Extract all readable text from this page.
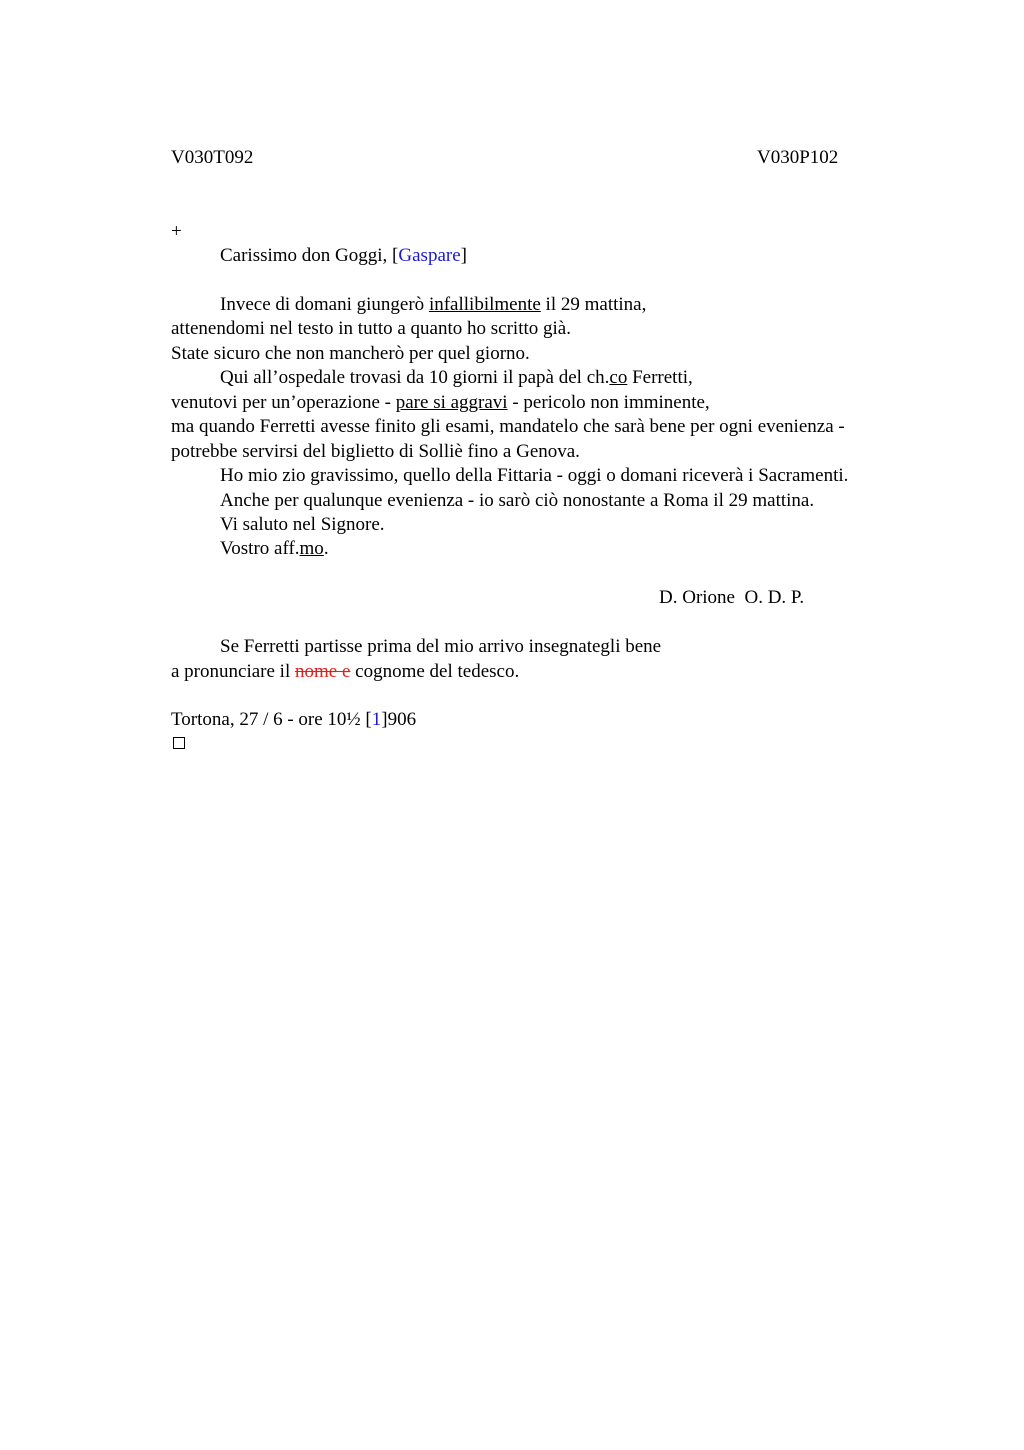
V030T092	V030P102
+
Carissimo don Goggi, [Gaspare]
Invece di domani giungerò infallibilmente il 29 mattina,
attenendomi nel testo in tutto a quanto ho scritto già.
State sicuro che non mancherò per quel giorno.
Qui all’ospedale trovasi da 10 giorni il papà del ch.co Ferretti,
venutovi per un’operazione - pare si aggravi - pericolo non imminente,
ma quando Ferretti avesse finito gli esami, mandatelo che sarà bene per ogni evenienza -
potrebbe servirsi del biglietto di Solliè fino a Genova.
Ho mio zio gravissimo, quello della Fittaria - oggi o domani riceverà i Sacramenti.
Anche per qualunque evenienza - io sarò ciò nonostante a Roma il 29 mattina.
Vi saluto nel Signore.
Vostro aff.mo.
D. Orione  O. D. P.
Se Ferretti partisse prima del mio arrivo insegnategli bene
a pronunciare il nome e cognome del tedesco.
Tortona, 27 / 6 - ore 10½ [1]906
